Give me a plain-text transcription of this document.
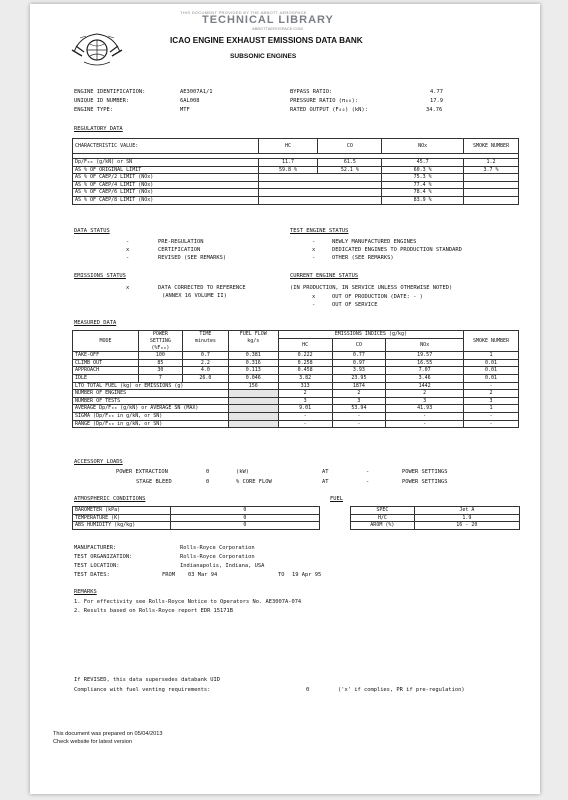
THIS DOCUMENT PROVIDED BY THE ABBOTT AEROSPACE
TECHNICAL LIBRARY
ABBOTTAEROSPACE.COM
ICAO ENGINE EXHAUST EMISSIONS DATA BANK
SUBSONIC ENGINES
ENGINE IDENTIFICATION:	AE3007A1/1
UNIQUE ID NUMBER:	6AL008
ENGINE TYPE:	MTF
BYPASS RATIO:	4.77
PRESSURE RATIO (π₀₀):	17.9
RATED OUTPUT (F₀₀) (kN):	34.76
REGULATORY DATA
CHARACTERISTIC VALUE:	HC	CO	NOx	SMOKE NUMBER

Dp/F₀₀ (g/kN) or SN	11.7	61.5	45.7	1.2
AS % OF ORIGINAL LIMIT	59.8 %	52.1 %	60.3 %	3.7 %
AS % OF CAEP/2 LIMIT (NOx)			75.3 %	
AS % OF CAEP/4 LIMIT (NOx)			77.4 %	
AS % OF CAEP/6 LIMIT (NOx)			78.4 %	
AS % OF CAEP/8 LIMIT (NOx)			83.9 %	
DATA STATUS
-	PRE-REGULATION
x	CERTIFICATION
-	REVISED (SEE REMARKS)
TEST ENGINE STATUS
-	NEWLY MANUFACTURED ENGINES
x	DEDICATED ENGINES TO PRODUCTION STANDARD
-	OTHER (SEE REMARKS)
EMISSIONS STATUS
x	DATA CORRECTED TO REFERENCE
(ANNEX 16 VOLUME II)
CURRENT ENGINE STATUS
(IN PRODUCTION, IN SERVICE UNLESS OTHERWISE NOTED)
x	OUT OF PRODUCTION (DATE: - )
-	OUT OF SERVICE
MEASURED DATA
MODE	POWER	TIME	FUEL FLOW	EMISSIONS INDICES (g/kg)			SMOKE NUMBER
	SETTING	minutes	kg/s	HC	CO	NOx	
	(%F₀₀)						
TAKE-OFF	100	0.7	0.381	0.222	0.77	19.57	1
CLIMB OUT	85	2.2	0.316	0.258	0.97	16.55	0.01
APPROACH	30	4.0	0.113	0.458	3.93	7.07	0.01
IDLE	7	26.0	0.046	3.82	23.95	3.46	0.01
LTO TOTAL FUEL (kg) or EMISSIONS (g)			156	313	1874	1442	-
NUMBER OF ENGINES				2	2	2	2
NUMBER OF TESTS				3	3	3	3
AVERAGE Dp/F₀₀ (g/kN) or AVERAGE SN (MAX)				9.01	53.94	41.93	1
SIGMA (Dp/F₀₀ in g/kN, or SN)				-	-	-	-
RANGE (Dp/F₀₀ in g/kN, or SN)				-	-	-	-
ACCESSORY LOADS
POWER EXTRACTION	0	(kW)	AT	-	POWER SETTINGS
STAGE BLEED	0	% CORE FLOW	AT	-	POWER SETTINGS
ATMOSPHERIC CONDITIONS
BAROMETER (kPa)	0
TEMPERATURE (K)	0
ABS HUMIDITY (kg/kg)	0
FUEL
SPEC	Jet A
H/C	1.9
AROM (%)	16 - 20
MANUFACTURER:	Rolls-Royce Corporation
TEST ORGANIZATION:	Rolls-Royce Corporation
TEST LOCATION:	Indianapolis, Indiana, USA
TEST DATES:	FROM 03 Mar 94	TO 19 Apr 95
REMARKS
1. For effectivity see Rolls-Royce Notice to Operators No. AE3007A-074
2. Results based on Rolls-Royce report EDR 15171B
If REVISED, this data supersedes databank UID
Compliance with fuel venting requirements:	0	('x' if complies, PR if pre-regulation)
This document was prepared on 05/04/2013
Check website for latest version
